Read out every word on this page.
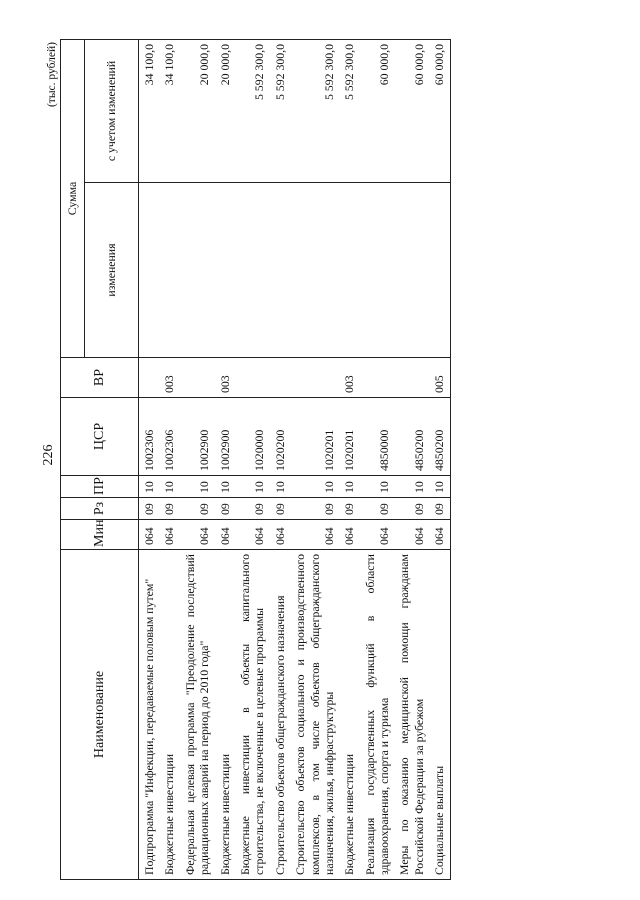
226
(тыс. рублей)
Наименование	Мин	Рз	ПР	ЦСР	ВР	Сумма	
						изменения	с учетом изменений
Подпрограмма "Инфекции, передаваемые половым путем"	064	09	10	1002306			34 100,0
Бюджетные инвестиции	064	09	10	1002306	003		34 100,0
Федеральная целевая программа "Преодоление последствий радиационных аварий на период до 2010 года"	064	09	10	1002900			20 000,0
Бюджетные инвестиции	064	09	10	1002900	003		20 000,0
Бюджетные инвестиции в объекты капитального строительства, не включенные в целевые программы	064	09	10	1020000			5 592 300,0
Строительство объектов общегражданского назначения	064	09	10	1020200			5 592 300,0
Строительство объектов социального и производственного комплексов, в том числе объектов общегражданского назначения, жилья, инфраструктуры	064	09	10	1020201			5 592 300,0
Бюджетные инвестиции	064	09	10	1020201	003		5 592 300,0
Реализация государственных функций в области здравоохранения, спорта и туризма	064	09	10	4850000			60 000,0
Меры по оказанию медицинской помощи гражданам Российской Федерации за рубежом	064	09	10	4850200			60 000,0
Социальные выплаты	064	09	10	4850200	005		60 000,0
